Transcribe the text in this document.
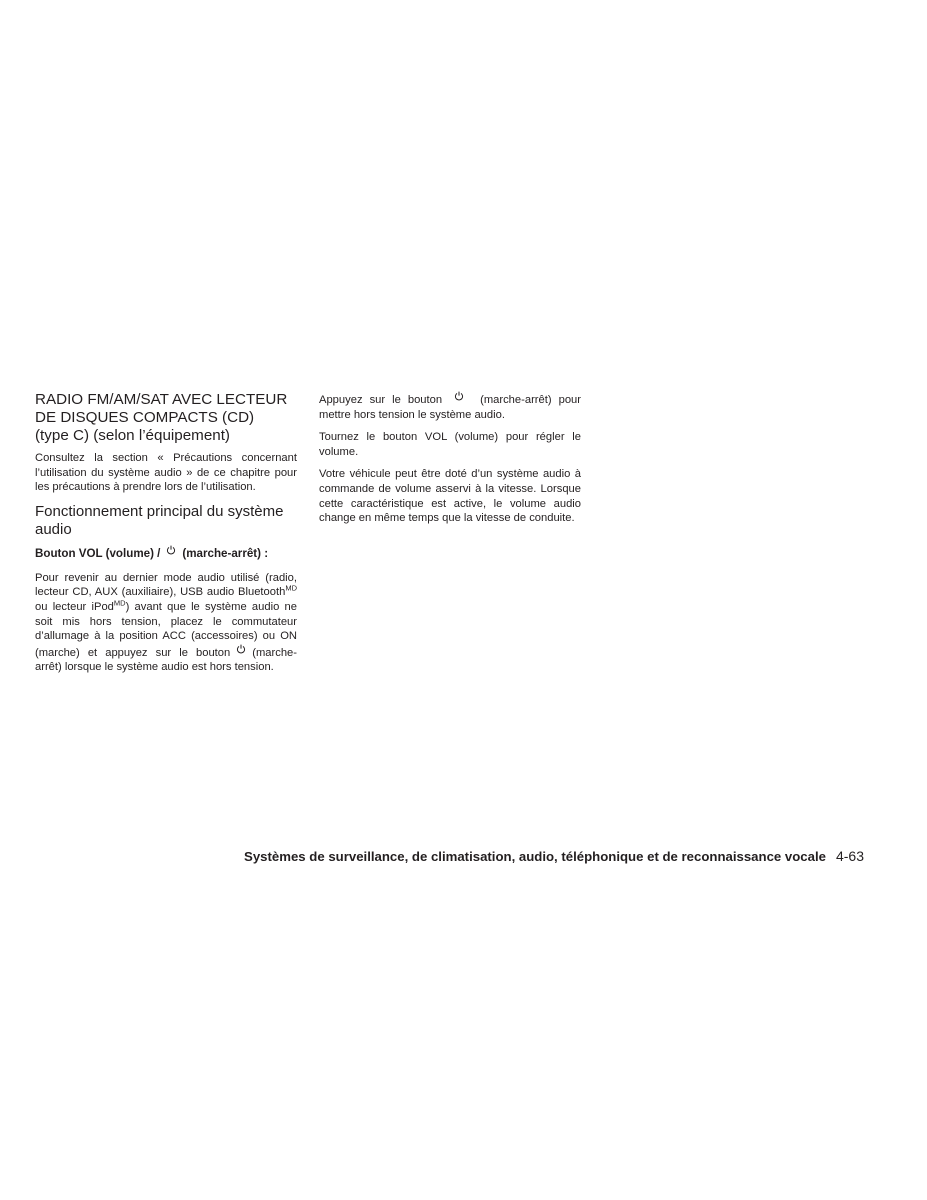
RADIO FM/AM/SAT AVEC LECTEUR
DE DISQUES COMPACTS (CD)
(type C) (selon l’équipement)

Consultez la section « Précautions concernant l’utilisation du système audio » de ce chapitre pour les précautions à prendre lors de l’utilisation.

Fonctionnement principal du système audio
Bouton VOL (volume) / (marche-arrêt) :

Pour revenir au dernier mode audio utilisé (radio, lecteur CD, AUX (auxiliaire), USB audio Bluetooth$^{MD}$ ou lecteur iPod$^{MD}$) avant que le système audio ne soit mis hors tension, placez le commutateur d’allumage à la position ACC (accessoires) ou ON (marche) et appuyez sur le bouton (marche-arrêt) lorsque le système audio est hors tension.

Appuyez sur le bouton	(marche-arrêt) pour mettre hors tension le système audio.

Tournez le bouton VOL (volume) pour régler le volume.

Votre véhicule peut être doté d’un système audio à commande de volume asservi à la vitesse. Lorsque cette caractéristique est active, le volume audio change en même temps que la vitesse de conduite.

Systèmes de surveillance, de climatisation, audio, téléphonique et de reconnaissance vocale 4-63
